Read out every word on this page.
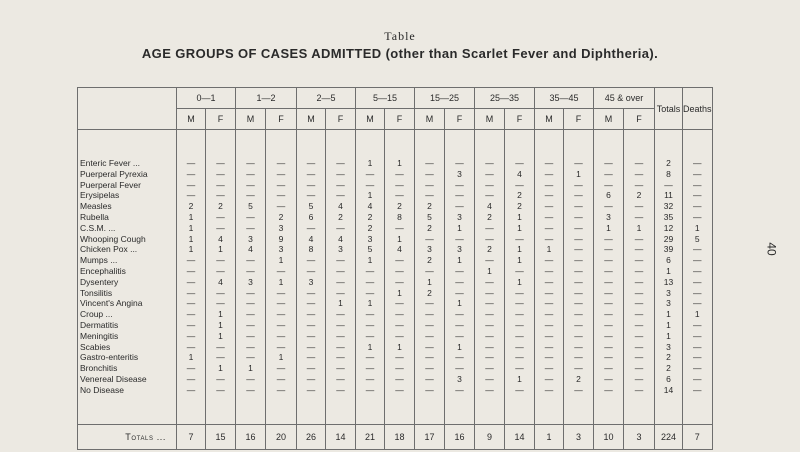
Table
AGE GROUPS OF CASES ADMITTED (other than Scarlet Fever and Diphtheria).
40
	0—1		1—2		2—5		5—15		15—25		25—35		35—45		45 & over		Totals	Deaths
	M	F	M	F	M	F	M	F	M	F	M	F	M	F	M	F		
Enteric Fever ...	—	—	—	—	—	—	1	1	—	—	—	—	—	—	—	—	2	—
Puerperal Pyrexia	—	—	—	—	—	—	—	—	—	3	—	4	—	1	—	—	8	—
Puerperal Fever	—	—	—	—	—	—	—	—	—	—	—	—	—	—	—	—	—	—
Erysipelas	—	—	—	—	—	—	1	—	—	—	—	2	—	—	6	2	11	—
Measles	2	2	5	—	5	4	4	2	2	—	4	2	—	—	—	—	32	—
Rubella	1	—	—	2	6	2	2	8	5	3	2	1	—	—	3	—	35	—
C.S.M. ...	1	—	—	3	—	—	2	—	2	1	—	1	—	—	1	1	12	1
Whooping Cough	1	4	3	9	4	4	3	1	—	—	—	—	—	—	—	—	29	5
Chicken Pox ...	1	1	4	3	8	3	5	4	3	3	2	1	1	—	—	—	39	—
Mumps ...	—	—	—	1	—	—	1	—	2	1	—	1	—	—	—	—	6	—
Encephalitis	—	—	—	—	—	—	—	—	—	—	1	—	—	—	—	—	1	—
Dysentery	—	4	3	1	3	—	—	—	1	—	—	1	—	—	—	—	13	—
Tonsilitis	—	—	—	—	—	—	—	1	2	—	—	—	—	—	—	—	3	—
Vincent's Angina	—	—	—	—	—	1	1	—	—	1	—	—	—	—	—	—	3	—
Croup ...	—	1	—	—	—	—	—	—	—	—	—	—	—	—	—	—	1	1
Dermatitis	—	1	—	—	—	—	—	—	—	—	—	—	—	—	—	—	1	—
Meningitis	—	1	—	—	—	—	—	—	—	—	—	—	—	—	—	—	1	—
Scabies	—	—	—	—	—	—	1	1	—	1	—	—	—	—	—	—	3	—
Gastro-enteritis	1	—	—	1	—	—	—	—	—	—	—	—	—	—	—	—	2	—
Bronchitis	—	1	1	—	—	—	—	—	—	—	—	—	—	—	—	—	2	—
Venereal Disease	—	—	—	—	—	—	—	—	—	3	—	1	—	2	—	—	6	—
No Disease	—	—	—	—	—	—	—	—	—	—	—	—	—	—	—	—	14	—

Totals ...	7	15	16	20	26	14	21	18	17	16	9	14	1	3	10	3	224	7
